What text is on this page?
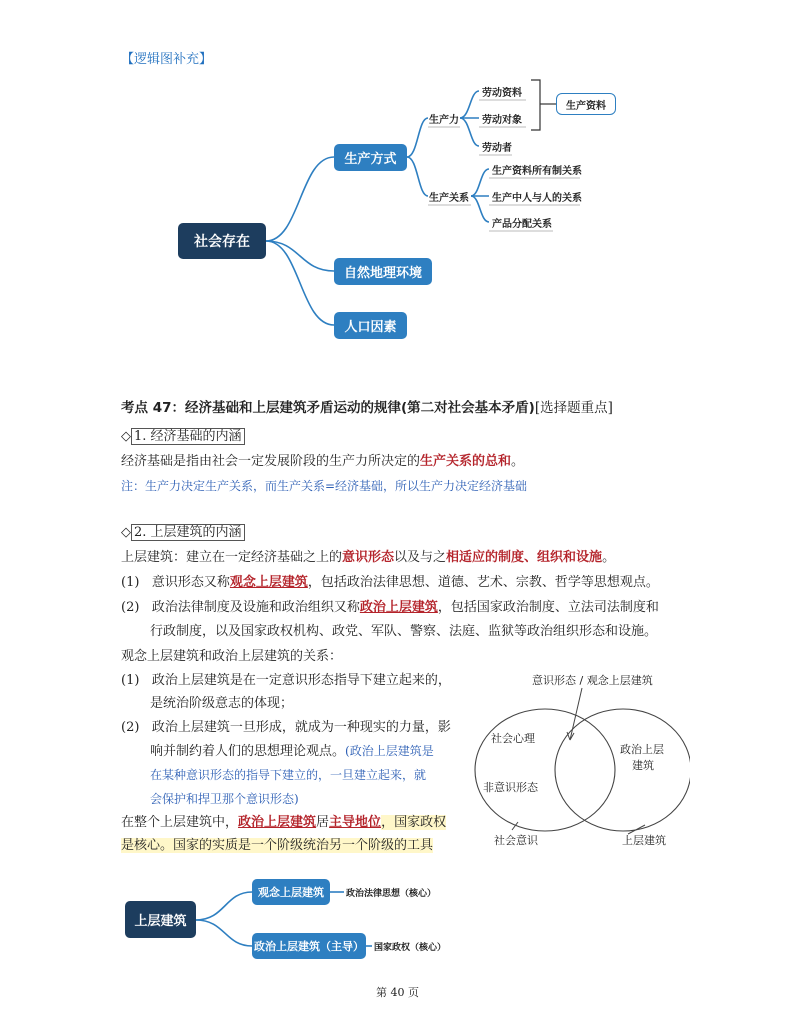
【逻辑图补充】
社会存在
生产方式
自然地理环境
人口因素
生产力
生产关系
劳动资料
劳动对象
劳动者
生产资料
生产资料所有制关系
生产中人与人的关系
产品分配关系
考点 47：经济基础和上层建筑矛盾运动的规律(第二对社会基本矛盾)[选择题重点]
◇ 1. 经济基础的内涵
经济基础是指由社会一定发展阶段的生产力所决定的生产关系的总和。
注：生产力决定生产关系，而生产关系=经济基础，所以生产力决定经济基础
◇ 2. 上层建筑的内涵
上层建筑：建立在一定经济基础之上的意识形态以及与之相适应的制度、组织和设施。
(1) 意识形态又称观念上层建筑，包括政治法律思想、道德、艺术、宗教、哲学等思想观点。
(2) 政治法律制度及设施和政治组织又称政治上层建筑，包括国家政治制度、立法司法制度和
行政制度，以及国家政权机构、政党、军队、警察、法庭、监狱等政治组织形态和设施。
观念上层建筑和政治上层建筑的关系：
(1) 政治上层建筑是在一定意识形态指导下建立起来的，
是统治阶级意志的体现；
(2) 政治上层建筑一旦形成，就成为一种现实的力量，影
响并制约着人们的思想理论观点。(政治上层建筑是
在某种意识形态的指导下建立的，一旦建立起来，就
会保护和捍卫那个意识形态)
在整个上层建筑中，政治上层建筑居主导地位，国家政权
是核心。国家的实质是一个阶级统治另一个阶级的工具
意识形态 / 观念上层建筑
社会心理
非意识形态
政治上层
建筑
社会意识	上层建筑
上层建筑
观念上层建筑
政治上层建筑（主导）
政治法律思想（核心）
国家政权（核心）
第 40 页
